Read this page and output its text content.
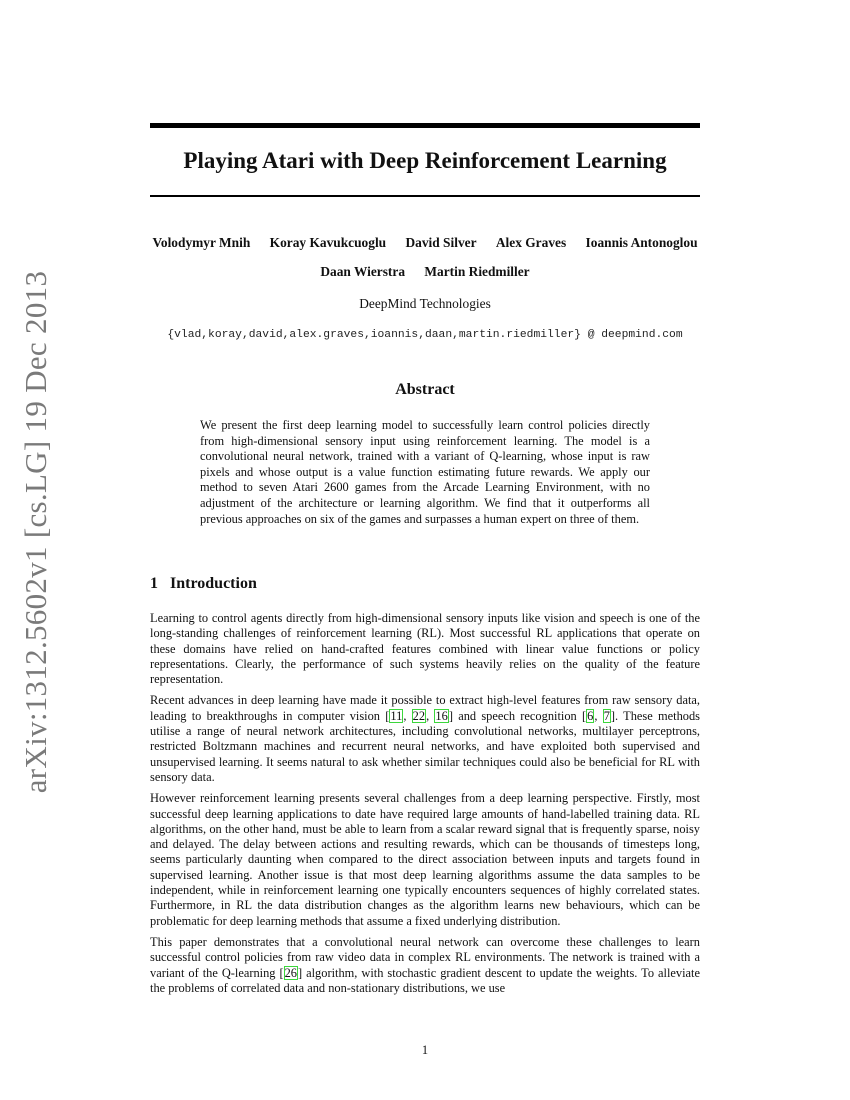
arXiv:1312.5602v1 [cs.LG] 19 Dec 2013
Playing Atari with Deep Reinforcement Learning
Volodymyr Mnih Koray Kavukcuoglu David Silver Alex Graves Ioannis Antonoglou
Daan Wierstra Martin Riedmiller
DeepMind Technologies
{vlad,koray,david,alex.graves,ioannis,daan,martin.riedmiller} @ deepmind.com
Abstract
We present the first deep learning model to successfully learn control policies directly from high-dimensional sensory input using reinforcement learning. The model is a convolutional neural network, trained with a variant of Q-learning, whose input is raw pixels and whose output is a value function estimating future rewards. We apply our method to seven Atari 2600 games from the Arcade Learning Environment, with no adjustment of the architecture or learning algorithm. We find that it outperforms all previous approaches on six of the games and surpasses a human expert on three of them.
1 Introduction

Learning to control agents directly from high-dimensional sensory inputs like vision and speech is one of the long-standing challenges of reinforcement learning (RL). Most successful RL applications that operate on these domains have relied on hand-crafted features combined with linear value functions or policy representations. Clearly, the performance of such systems heavily relies on the quality of the feature representation.

Recent advances in deep learning have made it possible to extract high-level features from raw sensory data, leading to breakthroughs in computer vision [11, 22, 16] and speech recognition [6, 7]. These methods utilise a range of neural network architectures, including convolutional networks, multilayer perceptrons, restricted Boltzmann machines and recurrent neural networks, and have exploited both supervised and unsupervised learning. It seems natural to ask whether similar techniques could also be beneficial for RL with sensory data.

However reinforcement learning presents several challenges from a deep learning perspective. Firstly, most successful deep learning applications to date have required large amounts of hand-labelled training data. RL algorithms, on the other hand, must be able to learn from a scalar reward signal that is frequently sparse, noisy and delayed. The delay between actions and resulting rewards, which can be thousands of timesteps long, seems particularly daunting when compared to the direct association between inputs and targets found in supervised learning. Another issue is that most deep learning algorithms assume the data samples to be independent, while in reinforcement learning one typically encounters sequences of highly correlated states. Furthermore, in RL the data distribution changes as the algorithm learns new behaviours, which can be problematic for deep learning methods that assume a fixed underlying distribution.

This paper demonstrates that a convolutional neural network can overcome these challenges to learn successful control policies from raw video data in complex RL environments. The network is trained with a variant of the Q-learning [26] algorithm, with stochastic gradient descent to update the weights. To alleviate the problems of correlated data and non-stationary distributions, we use

1
